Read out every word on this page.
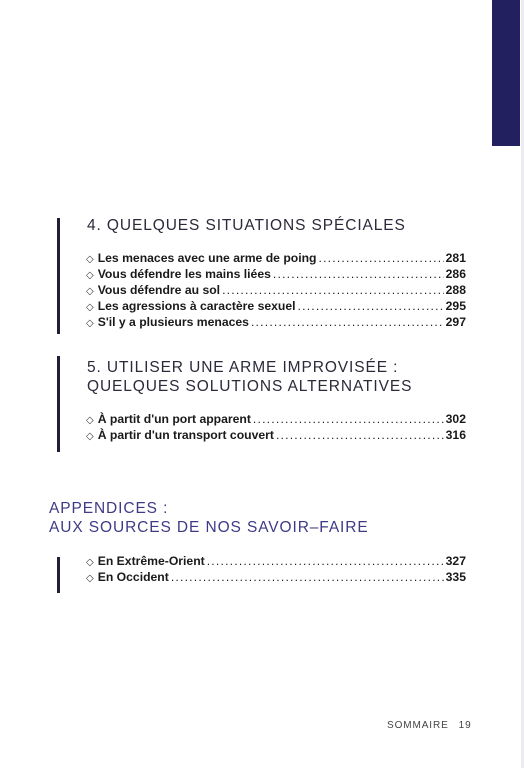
4. QUELQUES SITUATIONS SPÉCIALES
◇ Les menaces avec une arme de poing .....	281
◇ Vous défendre les mains liées .....	286
◇ Vous défendre au sol .....	288
◇ Les agressions à caractère sexuel .....	295
◇ S'il y a plusieurs menaces .....	297
5. UTILISER UNE ARME IMPROVISÉE :
QUELQUES SOLUTIONS ALTERNATIVES
◇ À partit d'un port apparent .....	302
◇ À partir d'un transport couvert .....	316
APPENDICES :
AUX SOURCES DE NOS SAVOIR–FAIRE
◇ En Extrême-Orient .....	327
◇ En Occident .....	335
SOMMAIRE 19
